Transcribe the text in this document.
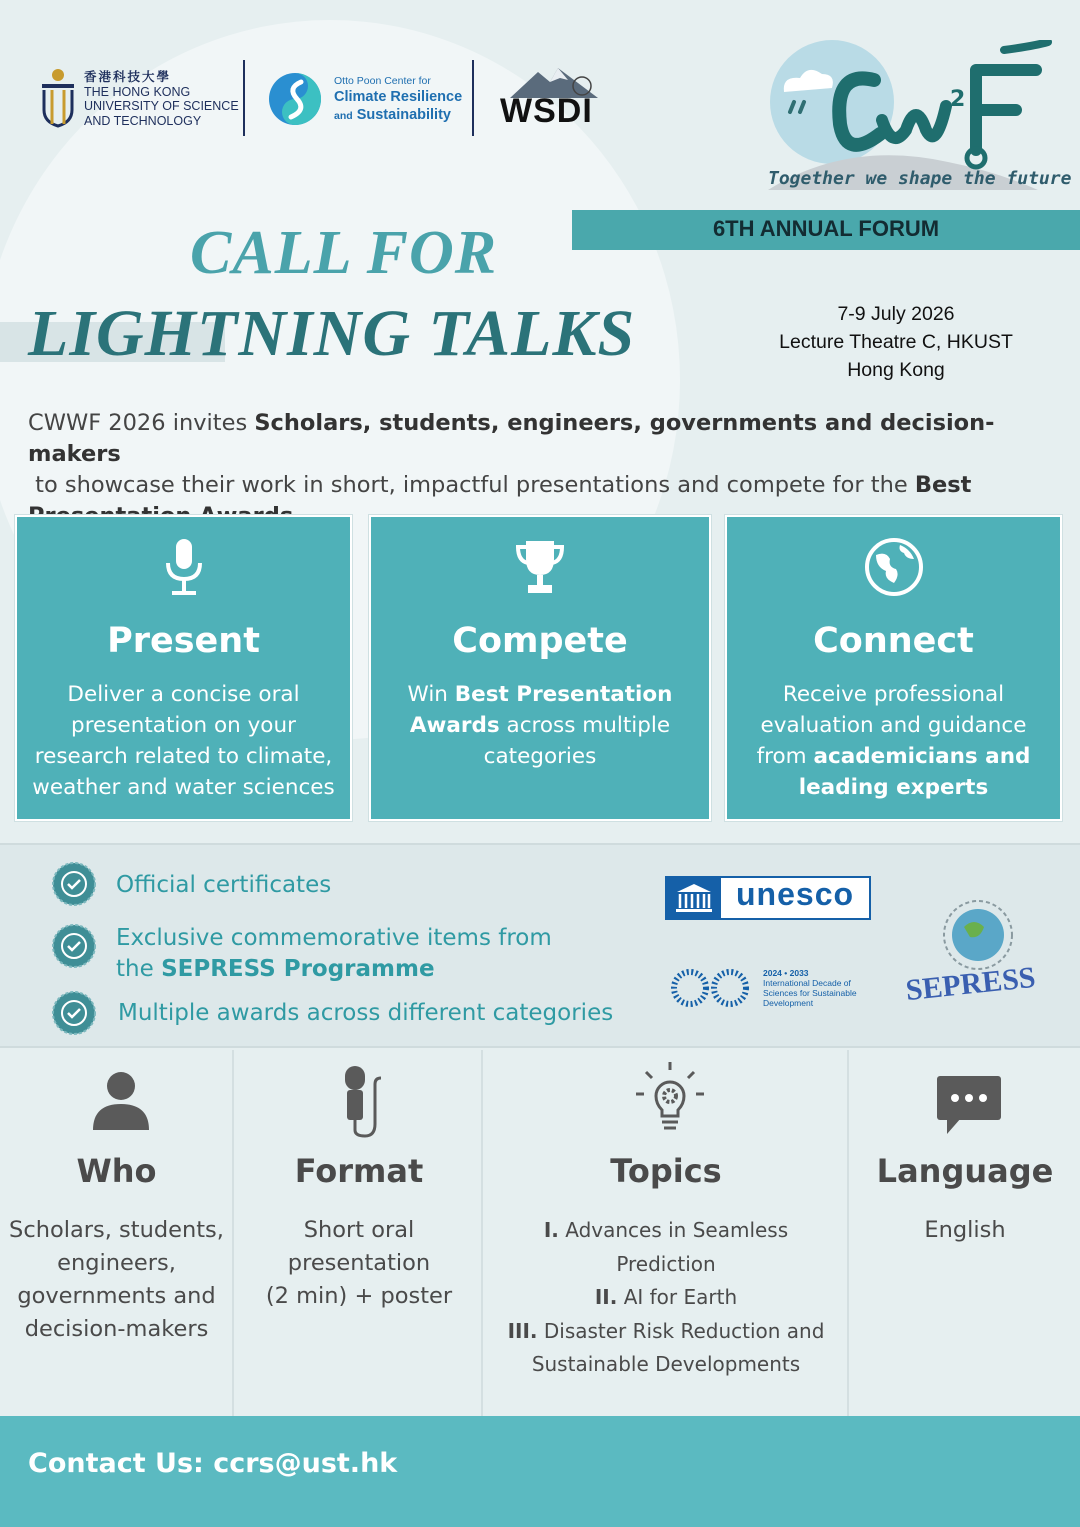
香港科技大學
THE HONG KONG
UNIVERSITY OF SCIENCE
AND TECHNOLOGY
Otto Poon Center for
Climate Resilience
and Sustainability	WSDI	2
Together we shape the future
6TH ANNUAL FORUM
CALL FOR
LIGHTNING TALKS	7-9 July 2026
Lecture Theatre C, HKUST
Hong Kong
CWWF 2026 invites Scholars, students, engineers, governments and decision-makers
to showcase their work in short, impactful presentations and compete for the Best
Present
Deliver a concise oral presentation on your research related to climate, weather and water sciences
Compete
Win Best Presentation Awards across multiple categories
Connect
Receive professional evaluation and guidance from academicians and leading experts
Official certificates
Exclusive commemorative items from
the SEPRESS Programme
Multiple awards across different categories
unesco
2024 • 2033
International Decade of
Sciences for Sustainable
Development	SEPRESS
Who
Scholars, students,
engineers,
governments and
decision-makers
Format
Short oral
presentation
(2 min) + poster
Topics
I. Advances in Seamless
Prediction
II. AI for Earth
III. Disaster Risk Reduction and
Sustainable Developments
Language
English
Contact Us: ccrs@ust.hk
